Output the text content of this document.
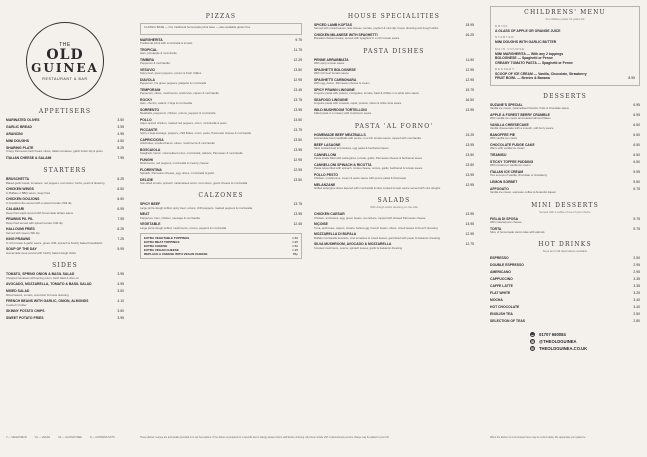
THE
OLD
GUINEA
RESTAURANT & BAR
APPETISERS
MARINATED OLIVES	3.50
GARLIC BREAD	3.95
ARANCINI	4.95
MINI DOUGHS	4.50
SHARING PLATE	8.25
Crispy Parmesan herb bread, olives, Italian tomatoes, garlic butter dip & pesto
ITALIAN CHEESE & SALAMI	7.95
STARTERS
BRUSCHETTA	6.25
Baked garlic bread, tomatoes, red peppers, red onions, herbs, pesto & dressing
CHICKEN WINGS	6.50
In Buffalo or BBQ sauce, deep fried
CHICKEN GOUJONS	6.50
In breadcrumbs served with a spiced tomato chilli dip
CALAMARI	6.95
Deep fried squid served with homemade tartare sauce
PRAWNS PIL PIL	7.95
Deep fried served with spiced tomato chilli dip
HALLOUMI FRIES	6.25
Served with sweet chilli dip
KING PRAWNS	7.25
In rich tomato & garlic sauce, green chilli, spinach & freshly baked breadsticks
SOUP OF THE DAY	5.95
Homemade soup served with freshly baked dough sticks
SIDES
TOMATO, SPRING ONION & BASIL SALAD	3.95
Chopped tomatoes with spring onion, fresh basil & olive oil
AVOCADO, MOZZARELLA, TOMATO & BASIL SALAD	4.95
MIXED SALAD	3.50
Mixed leaves, tomato, cucumber & house dressing
FRENCH BEANS WITH GARLIC, ONION, ALMONDS	4.10
Cooked in butter
SKINNY POTATO CHIPS	3.50
SWEET POTATO FRIES	3.95
PIZZAS
CLASSIC BASE — Our traditional homemade pizza base — also available gluten free
MARGHERITA	9.75
Traditional pizza with mozzarella & tomato
TROPICAL	11.75
Ham, pineapple & mozzarella
TIMBIRA	12.25
Pepperoni & mozzarella
VESUVIO	13.50
Spicy beef, green peppers, onions & fresh chillies
DIAVOLA	12.95
Pepperoni, hot green peppers, jalapeño & mozzarella
TEMPORANI	13.45
Pepperoni, olives, mushrooms, anchovies, capers & mozzarella
ROCKY	13.75
Ham, chorizo, salami, n'duja & mozzarella
SORRENTO	13.95
Meatballs, pepperoni, chicken, onions, peppers & mozzarella
POLLO	13.50
Cajun spiced chicken, roasted red peppers, onion, mozzarella & pesto
PICCANTE	13.75
Spicy n'duja sausage, peppers, chilli flakes, onion, pesto, Parmesan cheese & mozzarella
CAPRICCIOSA	13.50
Artichokes, smoked bacon, olives, mushrooms & mozzarella
BOSCAIOLA	13.95
Spaghetti, bacon, caramelised onion, mozzarella, walnuts, Parmesan & mozzarella
FUNGHI	12.95
Mushrooms, red peppers, mozzarella & creamy cheese
FLORENTINA	12.95
Spinach, Parmesan cheese, egg, olives, mozzarella & garlic
DELIZIE	13.50
Sun-dried tomato, spinach, caramelised onion, red onions, goat's cheese & mozzarella
CALZONES
SPICY BEEF	13.75
Large pizza dough puffed, spicy beef, onions, chilli peppers, roasted peppers & mozzarella
MEAT	13.95
Pepperoni, ham, chicken, sausage & mozzarella
VEGETABLE	12.45
Large pizza dough puffed, mushrooms, onions, peppers & mozzarella
EXTRA VEGETABLE TOPPINGS	1.50
EXTRA MEAT TOPPINGS	1.95
EXTRA CHEESE	1.50
EXTRA VEGAN CHEESE	1.95
REPLACE A CHEESE WITH VEGAN CHEESE	85p
HOUSE SPECIALITIES
SPICED LAMB KOFTAS	15.95
Served with mixed leaves, feta cheese, tomato, yoghurt & mint dip, house dressing and dough sticks
CHICKEN MILANESE WITH SPAGHETTI	16.25
Breaded chicken breast, served with spaghetti in a rich tomato sauce
PASTA DISHES
PENNE ARRABBIATA	11.50
With spicy tomato sauce
SPAGHETTI BOLOGNESE	12.95
With rich beef tomato sauce
SPAGHETTI CARBONARA	12.95
With egg, bacon, Parmesan cheese & cream
SPICY PRAWN LINGUINE	15.75
Linguine pasta with prawns, courgettes, tomato, basil & chillies in a white wine sauce
SEAFOOD LINGUINE	16.50
Linguine pasta with mussels, squid, prawns, clams & white wine sauce
WILD MUSHROOM TORTELLONI	13.95
Filled pasta in a creamy wild mushroom sauce
PASTA 'AL FORNO'
HOMEMADE BEEF MEATBALLS	14.25
Homemade beef meatballs with penne, in a rich tomato sauce, topped with mozzarella
BEEF LASAGNE	13.95
Slow cooked beef & tomatoes, egg pasta & bechamel sauce
CANNELLONI	13.50
Pasta shells filled with aubergines, tomato, garlic, Parmesan cheese & bechamel sauce
CANNELLONI SPINACH & RICOTTA	13.50
Pasta tubes filled with spinach, ricotta cheese, onions, garlic, bechamel & tomato sauce
POLLO PESTO	13.95
Chicken, mushrooms, cream & pesto sauce with penne pasta & Parmesan
MELANZANE	12.95
Grilled aubergine slices layered with mozzarella & slow cooked tomato sauce served with mini doughs
SALADS
With dough sticks dressing on the side
CHICKEN CAESAR	13.95
Chicken, anchovies, egg, green beans, cos lettuce, topped with shaved Parmesan cheese
NIÇOISE	13.95
Tuna, anchovies, capers, tomato, boiled egg, French beans, olives, mixed leaves & French dressing
MOZZARELLA DI BUFALA	12.95
Buffalo mozzarella avocado, vine tomatoes & mixed leaves, garnished with pesto & balsamic dressing
SILVA MUSHROOM, AVOCADO & MOZZARELLA	12.75
Smoked mushroom, onions, spinach leaves, garlic & balsamic dressing
CHILDRENS' MENU
For children under 12 years old
DRINK
A GLASS OF APPLE OR ORANGE JUICE
STARTER
MINI DOUGHS WITH GARLIC BUTTER
MAIN COURSE
MINI MARGHERITA — With any 2 toppings
BOLOGNESE — Spaghetti or Penne
CREAMY TOMATO PASTA — Spaghetti or Penne
DESSERT
SCOOP OF ICE CREAM — Vanilla, Chocolate, Strawberry
FRUIT BOWL — Berries & Banana	8.95
DESSERTS
SUZANE'S SPECIAL	6.95
Vanilla ice cream, caramelised biscuits, fruits & chocolate sauce
APPLE & FOREST BERRY CRUMBLE	6.95
With vanilla ice cream and toasted almond flakes
VANILLA CHEESECAKE	6.50
Vanilla cheesecake with a smooth, soft berry sauce
BANOFFEE PIE	6.50
With vanilla ice cream
CHOCOLATE FUDGE CAKE	6.50
Warm with vanilla ice cream
TIRAMISU	6.50
STICKY TOFFEE PUDDING	6.50
With custard or vanilla ice cream
ITALIAN ICE CREAM	5.95
Two scoops of vanilla, chocolate or strawberry
LEMON SORBET	5.50
AFFOGATO	6.75
Vanilla ice cream, espresso coffee & Amaretto liqueur
MINI DESSERTS
Served with a coffee of tea of your choice
FIGLIA DI SPOSA	5.75
With mascarpone cheese
TORTA	5.75
Slice of homemade carrot cake with walnuts
HOT DRINKS
Soya and milk alternatives available
ESPRESSO	2.50
DOUBLE ESPRESSO	2.95
AMERICANO	2.95
CAPPUCCINO	3.35
CAFFE LATTE	3.35
FLAT WHITE	3.25
MOCHA	3.40
HOT CHOCOLATE	3.40
ENGLISH TEA	2.50
SELECTION OF TEAS	2.80
☎ 01707 660084
@ @THEOLDGUINEA
◎ THEOLDGUINEA.CO.UK
V — VEGETARIAN	VG — VEGAN	GF — GLUTEN FREE	N — CONTAINS NUTS	These dishes' recipes are and details provided is to our best advice. If the dishes is prepared for a specific diet or allergy please inform staff before ordering. All prices include VAT. A discretionary service charge may be added to your bill.	When the kitchen is at its busiest there may be a short delay. We appreciate your patience.
